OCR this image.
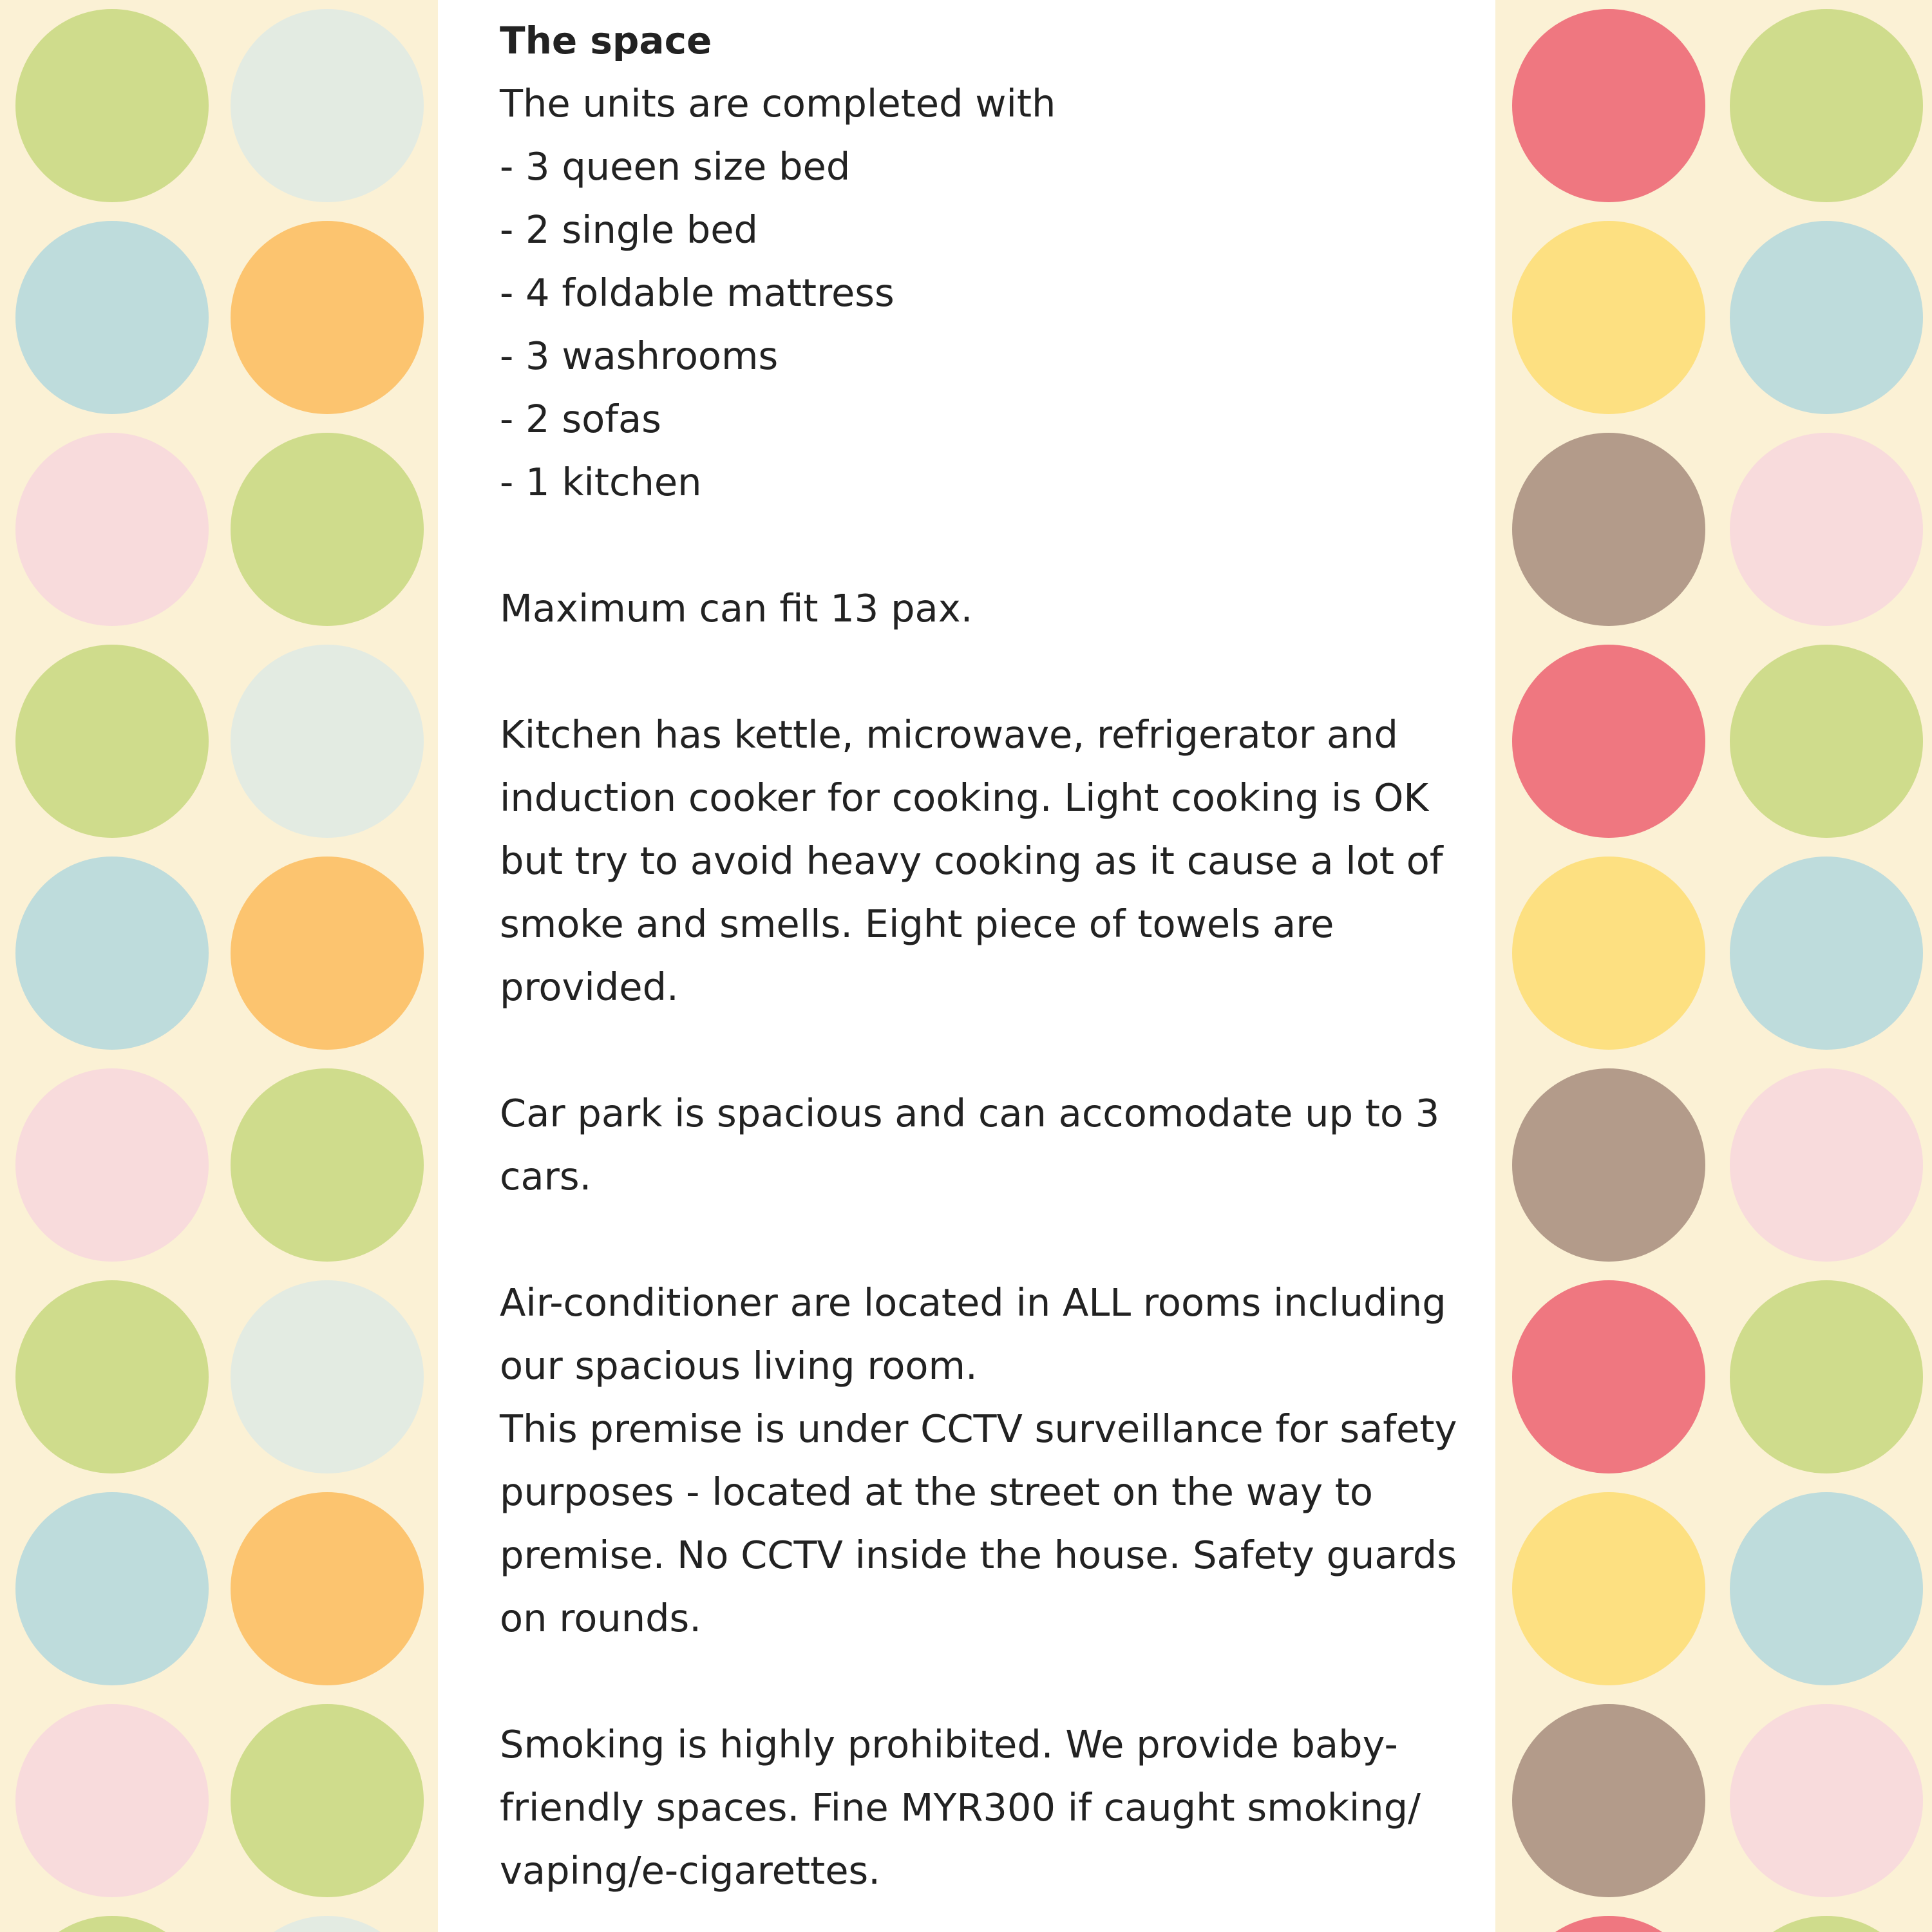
The space

The units are completed with

- 3 queen size bed

- 2 single bed

- 4 foldable mattress

- 3 washrooms

- 2 sofas

- 1 kitchen

Maximum can fit 13 pax.

Kitchen has kettle, microwave, refrigerator and induction cooker for cooking. Light cooking is OK but try to avoid heavy cooking as it cause a lot of smoke and smells. Eight piece of towels are provided.

Car park is spacious and can accomodate up to 3 cars.

Air-conditioner are located in ALL rooms including our spacious living room.

This premise is under CCTV surveillance for safety purposes - located at the street on the way to premise. No CCTV inside the house. Safety guards on rounds.

Smoking is highly prohibited. We provide baby-friendly spaces. Fine MYR300 if caught smoking/ vaping/e-cigarettes.
